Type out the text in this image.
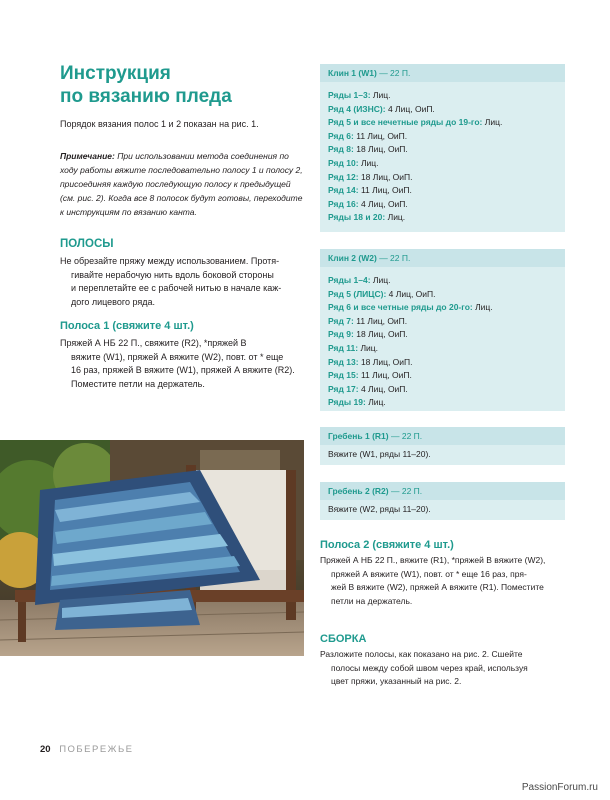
Инструкция
по вязанию пледа
Порядок вязания полос 1 и 2 показан на рис. 1.
Примечание: При использовании метода соединения по ходу работы вяжите последовательно полосу 1 и полосу 2, присоединяя каждую последующую полосу к предыдущей (см. рис. 2). Когда все 8 полосок будут готовы, переходите к инструкциям по вязанию канта.
ПОЛОСЫ
Не обрезайте пряжу между использованием. Протя-
гивайте нерабочую нить вдоль боковой стороны
и переплетайте ее с рабочей нитью в начале каж-
дого лицевого ряда.
Полоса 1 (свяжите 4 шт.)
Пряжей А НБ 22 П., свяжите (R2), *пряжей В
вяжите (W1), пряжей А вяжите (W2), повт. от * еще
16 раз, пряжей В вяжите (W1), пряжей А вяжите (R2).
Поместите петли на держатель.
Клин 1 (W1) — 22 П.
Ряды 1–3: Лиц.
Ряд 4 (ИЗНС): 4 Лиц, ОиП.
Ряд 5 и все нечетные ряды до 19-го: Лиц.
Ряд 6: 11 Лиц, ОиП.
Ряд 8: 18 Лиц, ОиП.
Ряд 10: Лиц.
Ряд 12: 18 Лиц, ОиП.
Ряд 14: 11 Лиц, ОиП.
Ряд 16: 4 Лиц, ОиП.
Ряды 18 и 20: Лиц.
Клин 2 (W2) — 22 П.
Ряды 1–4: Лиц.
Ряд 5 (ЛИЦС): 4 Лиц, ОиП.
Ряд 6 и все четные ряды до 20-го: Лиц.
Ряд 7: 11 Лиц, ОиП.
Ряд 9: 18 Лиц, ОиП.
Ряд 11: Лиц.
Ряд 13: 18 Лиц, ОиП.
Ряд 15: 11 Лиц, ОиП.
Ряд 17: 4 Лиц, ОиП.
Ряды 19: Лиц.
Гребень 1 (R1) — 22 П.
Вяжите (W1, ряды 11–20).
Гребень 2 (R2) — 22 П.
Вяжите (W2, ряды 11–20).
Полоса 2 (свяжите 4 шт.)
Пряжей А НБ 22 П., вяжите (R1), *пряжей В вяжите (W2),
пряжей А вяжите (W1), повт. от * еще 16 раз, пря-
жей В вяжите (W2), пряжей А вяжите (R1). Поместите
петли на держатель.
СБОРКА
Разложите полосы, как показано на рис. 2. Сшейте
полосы между собой швом через край, используя
цвет пряжи, указанный на рис. 2.
20 ПОБЕРЕЖЬЕ
PassionForum.ru
